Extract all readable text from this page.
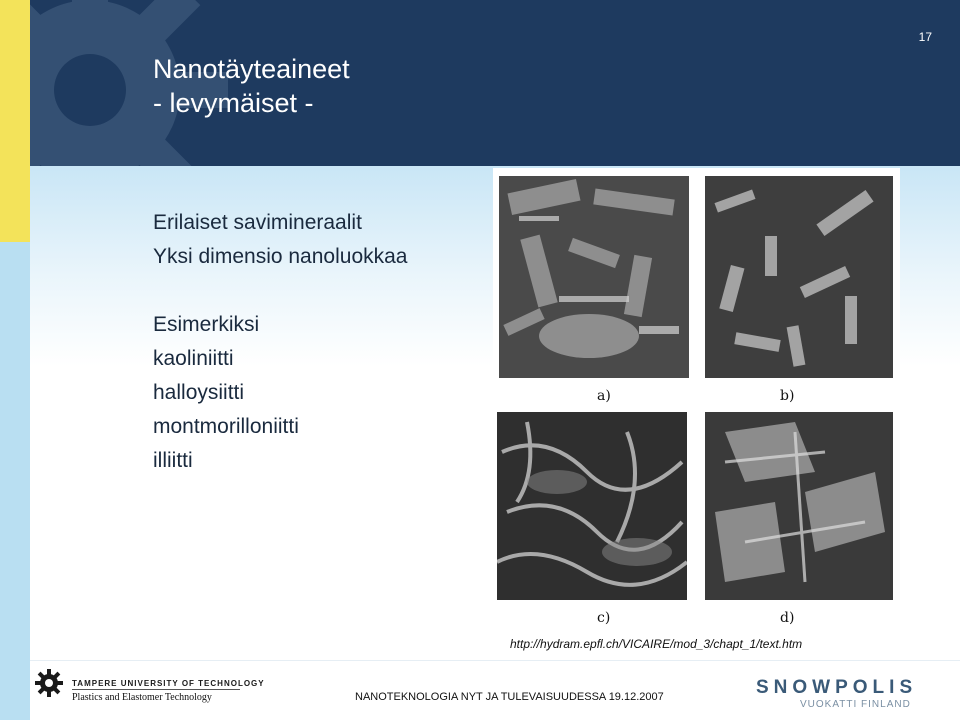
Nanotäyteaineet
- levymäiset -
17
Erilaiset savimineraalit
Yksi dimensio nanoluokkaa
Esimerkiksi
kaoliniitti
halloysiitti
montmorilloniitti
illiitti
a)	b)
c)	d)
http://hydram.epfl.ch/VICAIRE/mod_3/chapt_1/text.htm
TAMPERE UNIVERSITY OF TECHNOLOGY
Plastics and Elastomer Technology	NANOTEKNOLOGIA NYT JA TULEVAISUUDESSA 19.12.2007	SNOWPOLIS
VUOKATTI FINLAND
